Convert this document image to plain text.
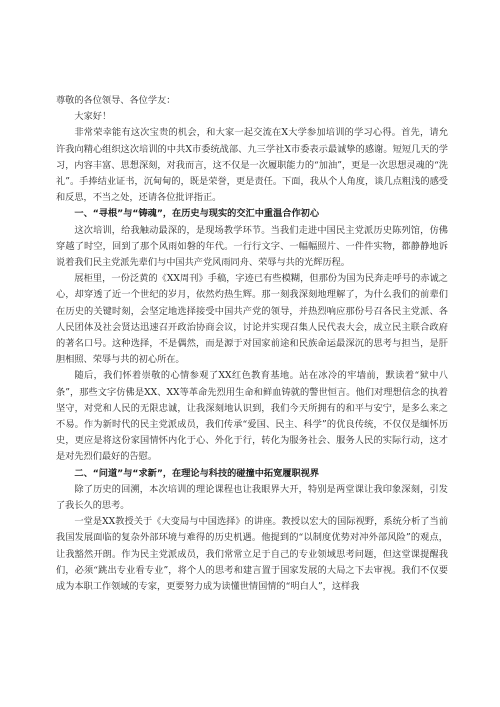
尊敬的各位领导、各位学友：

大家好！

非常荣幸能有这次宝贵的机会，和大家一起交流在X大学参加培训的学习心得。首先，请允许我向精心组织这次培训的中共X市委统战部、九三学社X市委表示最诚挚的感谢。短短几天的学习，内容丰富、思想深刻，对我而言，这不仅是一次履职能力的“加油”，更是一次思想灵魂的“洗礼”。手捧结业证书，沉甸甸的，既是荣誉，更是责任。下面，我从个人角度，谈几点粗浅的感受和反思，不当之处，还请各位批评指正。

一、“寻根”与“铸魂”，在历史与现实的交汇中重温合作初心

这次培训，给我触动最深的，是现场教学环节。当我们走进中国民主党派历史陈列馆，仿佛穿越了时空，回到了那个风雨如磐的年代。一行行文字、一幅幅照片、一件件实物，都静静地诉说着我们民主党派先辈们与中国共产党风雨同舟、荣辱与共的光辉历程。

展柜里，一份泛黄的《XX周刊》手稿，字迹已有些模糊，但那份为国为民奔走呼号的赤诚之心，却穿透了近一个世纪的岁月，依然灼热生辉。那一刻我深刻地理解了，为什么我们的前辈们在历史的关键时刻，会坚定地选择接受中国共产党的领导，并热烈响应那份号召各民主党派、各人民团体及社会贤达迅速召开政治协商会议，讨论并实现召集人民代表大会，成立民主联合政府的著名口号。这种选择，不是偶然，而是源于对国家前途和民族命运最深沉的思考与担当，是肝胆相照、荣辱与共的初心所在。

随后，我们怀着崇敬的心情参观了XX红色教育基地。站在冰冷的牢墙前，默读着“狱中八条”，那些文字仿佛是XX、XX等革命先烈用生命和鲜血铸就的警世恒言。他们对理想信念的执着坚守，对党和人民的无限忠诚，让我深刻地认识到，我们今天所拥有的和平与安宁，是多么来之不易。作为新时代的民主党派成员，我们传承“爱国、民主、科学”的优良传统，不仅仅是缅怀历史，更应是将这份家国情怀内化于心、外化于行，转化为服务社会、服务人民的实际行动，这才是对先烈们最好的告慰。

二、“问道”与“求新”，在理论与科技的碰撞中拓宽履职视界

除了历史的回溯，本次培训的理论课程也让我眼界大开，特别是两堂课让我印象深刻，引发了我长久的思考。

一堂是XX教授关于《大变局与中国选择》的讲座。教授以宏大的国际视野，系统分析了当前我国发展面临的复杂外部环境与难得的历史机遇。他提到的“以制度优势对冲外部风险”的观点，让我豁然开朗。作为民主党派成员，我们常常立足于自己的专业领域思考问题，但这堂课提醒我们，必须“跳出专业看专业”，将个人的思考和建言置于国家发展的大局之下去审视。我们不仅要成为本职工作领域的专家，更要努力成为读懂世情国情的“明白人”，这样我
